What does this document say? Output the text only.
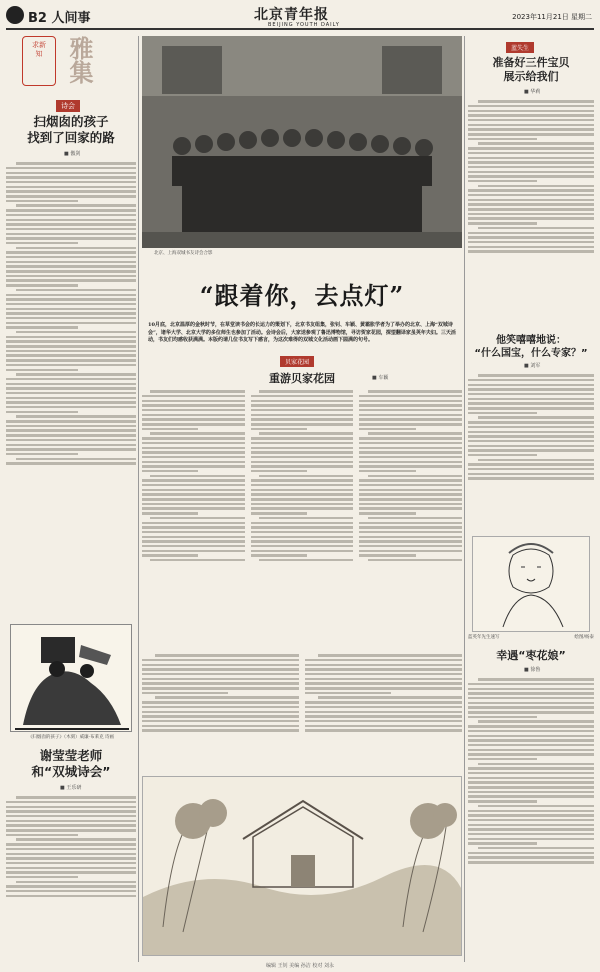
B2 人间事	北京青年报
BEIJING YOUTH DAILY
2023年11月21日 星期二
求新
知 雅集
诗会
扫烟囱的孩子
找到了回家的路
■ 傲剑
《归烟囱的孩子》（木刻）威廉·布莱克 诗画
谢莹莹老师
和“双城诗会”
■ 王乐研
北京、上海双城书友诗会合影
“跟着你，去点灯”
10月底，北京温厚的金秋时节，在草堂读书会的长运力的策划下，北京书友组集，张钊、车颖、黄霜胀学者为了举办的北京、上海“双城诗会”，诸华大学、北京大学的多位师生也参加了活动。会诗会后，大家送参观了鲁迅博物馆，寻访贺家花园，探望翻译家虽英年夫妇。三天活动，书友们均感收获满满。本版约请几位书友写下感言，为这次难得的双城文化活动画下圆满的句号。
贝家花园
重游贝家花园	■ 车颖
蓝失生
准备好三件宝贝
展示给我们
■ 华莉
他笑嘻嘻地说：
“什么国宝，什么专家？”
■ 刘军
蓝英年先生速写	绘图/杨泰
幸遇“枣花娘”
■ 徐鲁
编辑 王钊 美编 孙洁 校对 刘永
